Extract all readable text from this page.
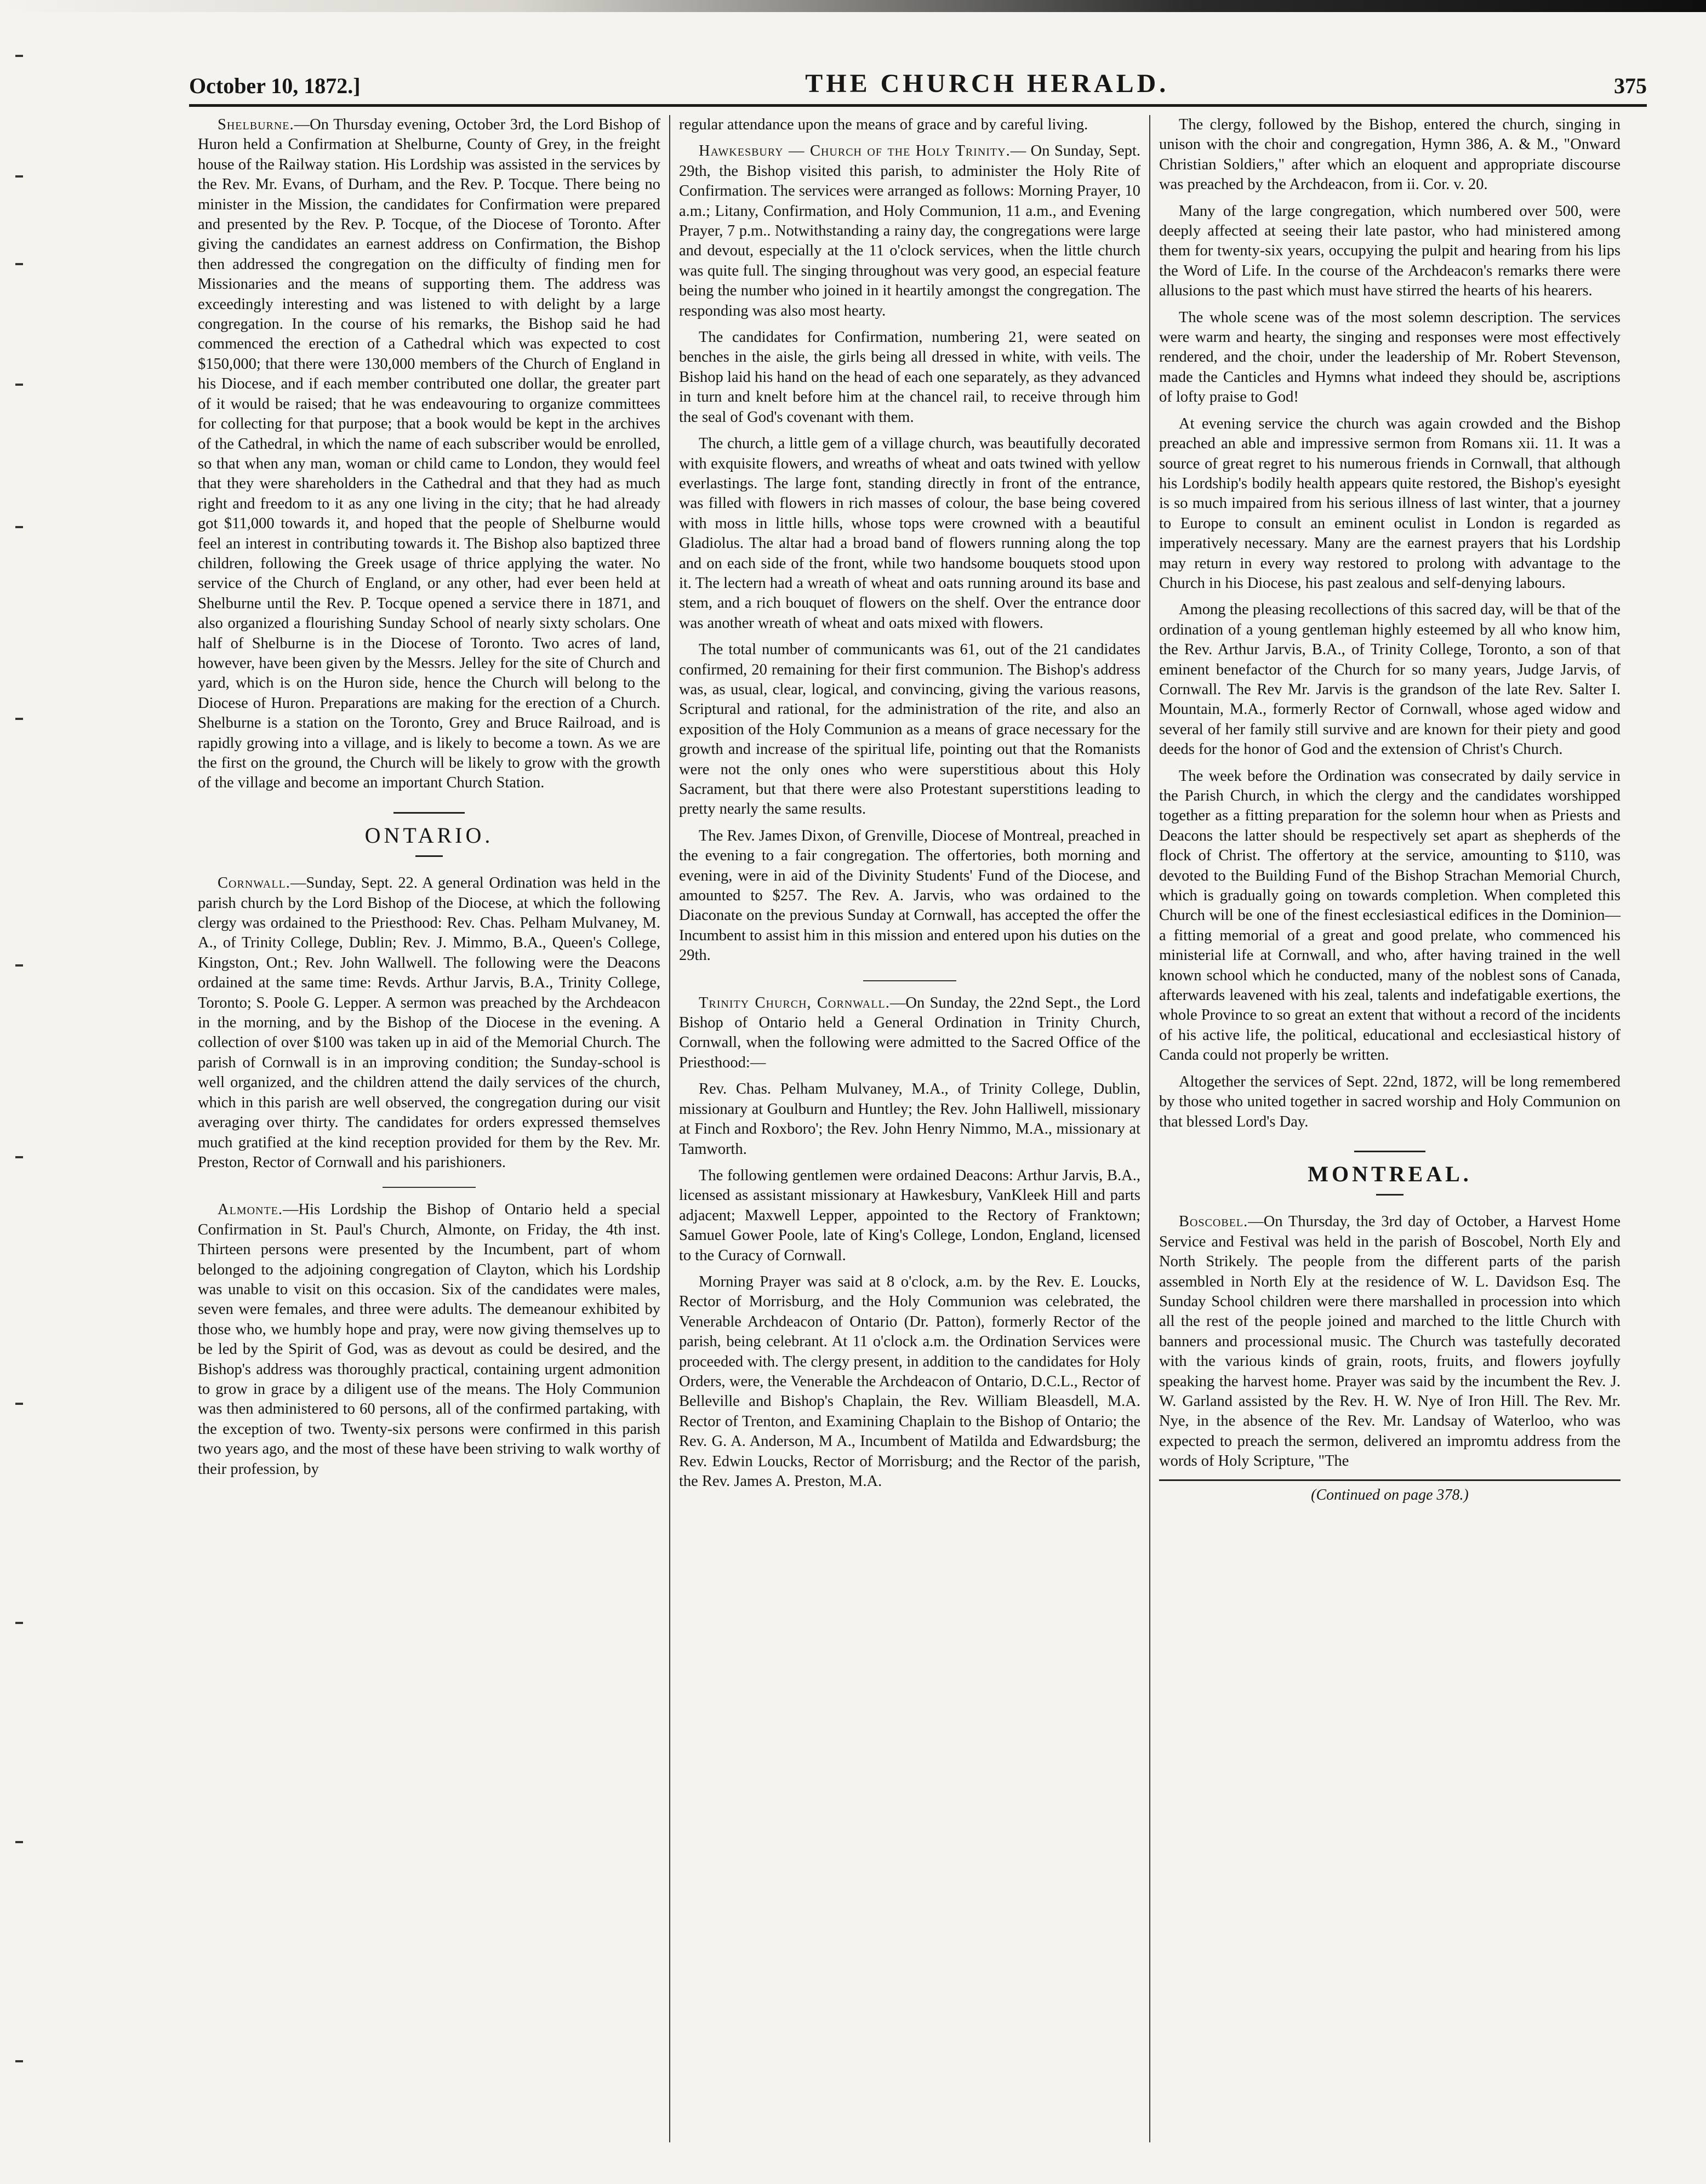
October 10, 1872.]	THE CHURCH HERALD.	375

Shelburne.—On Thursday evening, October 3rd, the Lord Bishop of Huron held a Confirmation at Shelburne, County of Grey, in the freight house of the Railway station. His Lordship was assisted in the services by the Rev. Mr. Evans, of Durham, and the Rev. P. Tocque. There being no minister in the Mission, the candidates for Confirmation were prepared and presented by the Rev. P. Tocque, of the Diocese of Toronto. After giving the candidates an earnest address on Confirmation, the Bishop then addressed the congregation on the difficulty of finding men for Missionaries and the means of supporting them. The address was exceedingly interesting and was listened to with delight by a large congregation. In the course of his remarks, the Bishop said he had commenced the erection of a Cathedral which was expected to cost $150,000; that there were 130,000 members of the Church of England in his Diocese, and if each member contributed one dollar, the greater part of it would be raised; that he was endeavouring to organize committees for collecting for that purpose; that a book would be kept in the archives of the Cathedral, in which the name of each subscriber would be enrolled, so that when any man, woman or child came to London, they would feel that they were shareholders in the Cathedral and that they had as much right and freedom to it as any one living in the city; that he had already got $11,000 towards it, and hoped that the people of Shelburne would feel an interest in contributing towards it. The Bishop also baptized three children, following the Greek usage of thrice applying the water. No service of the Church of England, or any other, had ever been held at Shelburne until the Rev. P. Tocque opened a service there in 1871, and also organized a flourishing Sunday School of nearly sixty scholars. One half of Shelburne is in the Diocese of Toronto. Two acres of land, however, have been given by the Messrs. Jelley for the site of Church and yard, which is on the Huron side, hence the Church will belong to the Diocese of Huron. Preparations are making for the erection of a Church. Shelburne is a station on the Toronto, Grey and Bruce Railroad, and is rapidly growing into a village, and is likely to become a town. As we are the first on the ground, the Church will be likely to grow with the growth of the village and become an important Church Station.

ONTARIO.

Cornwall.—Sunday, Sept. 22. A general Ordination was held in the parish church by the Lord Bishop of the Diocese, at which the following clergy was ordained to the Priesthood: Rev. Chas. Pelham Mulvaney, M. A., of Trinity College, Dublin; Rev. J. Mimmo, B.A., Queen's College, Kingston, Ont.; Rev. John Wallwell. The following were the Deacons ordained at the same time: Revds. Arthur Jarvis, B.A., Trinity College, Toronto; S. Poole G. Lepper. A sermon was preached by the Archdeacon in the morning, and by the Bishop of the Diocese in the evening. A collection of over $100 was taken up in aid of the Memorial Church. The parish of Cornwall is in an improving condition; the Sunday-school is well organized, and the children attend the daily services of the church, which in this parish are well observed, the congregation during our visit averaging over thirty. The candidates for orders expressed themselves much gratified at the kind reception provided for them by the Rev. Mr. Preston, Rector of Cornwall and his parishioners.

Almonte.—His Lordship the Bishop of Ontario held a special Confirmation in St. Paul's Church, Almonte, on Friday, the 4th inst. Thirteen persons were presented by the Incumbent, part of whom belonged to the adjoining congregation of Clayton, which his Lordship was unable to visit on this occasion. Six of the candidates were males, seven were females, and three were adults. The demeanour exhibited by those who, we humbly hope and pray, were now giving themselves up to be led by the Spirit of God, was as devout as could be desired, and the Bishop's address was thoroughly practical, containing urgent admonition to grow in grace by a diligent use of the means. The Holy Communion was then administered to 60 persons, all of the confirmed partaking, with the exception of two. Twenty-six persons were confirmed in this parish two years ago, and the most of these have been striving to walk worthy of their profession, by

regular attendance upon the means of grace and by careful living.

Hawkesbury — Church of the Holy Trinity.— On Sunday, Sept. 29th, the Bishop visited this parish, to administer the Holy Rite of Confirmation. The services were arranged as follows: Morning Prayer, 10 a.m.; Litany, Confirmation, and Holy Communion, 11 a.m., and Evening Prayer, 7 p.m.. Notwithstanding a rainy day, the congregations were large and devout, especially at the 11 o'clock services, when the little church was quite full. The singing throughout was very good, an especial feature being the number who joined in it heartily amongst the congregation. The responding was also most hearty.

The candidates for Confirmation, numbering 21, were seated on benches in the aisle, the girls being all dressed in white, with veils. The Bishop laid his hand on the head of each one separately, as they advanced in turn and knelt before him at the chancel rail, to receive through him the seal of God's covenant with them.

The church, a little gem of a village church, was beautifully decorated with exquisite flowers, and wreaths of wheat and oats twined with yellow everlastings. The large font, standing directly in front of the entrance, was filled with flowers in rich masses of colour, the base being covered with moss in little hills, whose tops were crowned with a beautiful Gladiolus. The altar had a broad band of flowers running along the top and on each side of the front, while two handsome bouquets stood upon it. The lectern had a wreath of wheat and oats running around its base and stem, and a rich bouquet of flowers on the shelf. Over the entrance door was another wreath of wheat and oats mixed with flowers.

The total number of communicants was 61, out of the 21 candidates confirmed, 20 remaining for their first communion. The Bishop's address was, as usual, clear, logical, and convincing, giving the various reasons, Scriptural and rational, for the administration of the rite, and also an exposition of the Holy Communion as a means of grace necessary for the growth and increase of the spiritual life, pointing out that the Romanists were not the only ones who were superstitious about this Holy Sacrament, but that there were also Protestant superstitions leading to pretty nearly the same results.

The Rev. James Dixon, of Grenville, Diocese of Montreal, preached in the evening to a fair congregation. The offertories, both morning and evening, were in aid of the Divinity Students' Fund of the Diocese, and amounted to $257. The Rev. A. Jarvis, who was ordained to the Diaconate on the previous Sunday at Cornwall, has accepted the offer the Incumbent to assist him in this mission and entered upon his duties on the 29th.

Trinity Church, Cornwall.—On Sunday, the 22nd Sept., the Lord Bishop of Ontario held a General Ordination in Trinity Church, Cornwall, when the following were admitted to the Sacred Office of the Priesthood:—

Rev. Chas. Pelham Mulvaney, M.A., of Trinity College, Dublin, missionary at Goulburn and Huntley; the Rev. John Halliwell, missionary at Finch and Roxboro'; the Rev. John Henry Nimmo, M.A., missionary at Tamworth.

The following gentlemen were ordained Deacons: Arthur Jarvis, B.A., licensed as assistant missionary at Hawkesbury, VanKleek Hill and parts adjacent; Maxwell Lepper, appointed to the Rectory of Franktown; Samuel Gower Poole, late of King's College, London, England, licensed to the Curacy of Cornwall.

Morning Prayer was said at 8 o'clock, a.m. by the Rev. E. Loucks, Rector of Morrisburg, and the Holy Communion was celebrated, the Venerable Archdeacon of Ontario (Dr. Patton), formerly Rector of the parish, being celebrant. At 11 o'clock a.m. the Ordination Services were proceeded with. The clergy present, in addition to the candidates for Holy Orders, were, the Venerable the Archdeacon of Ontario, D.C.L., Rector of Belleville and Bishop's Chaplain, the Rev. William Bleasdell, M.A. Rector of Trenton, and Examining Chaplain to the Bishop of Ontario; the Rev. G. A. Anderson, M A., Incumbent of Matilda and Edwardsburg; the Rev. Edwin Loucks, Rector of Morrisburg; and the Rector of the parish, the Rev. James A. Preston, M.A.

The clergy, followed by the Bishop, entered the church, singing in unison with the choir and congregation, Hymn 386, A. & M., "Onward Christian Soldiers," after which an eloquent and appropriate discourse was preached by the Archdeacon, from ii. Cor. v. 20.

Many of the large congregation, which numbered over 500, were deeply affected at seeing their late pastor, who had ministered among them for twenty-six years, occupying the pulpit and hearing from his lips the Word of Life. In the course of the Archdeacon's remarks there were allusions to the past which must have stirred the hearts of his hearers.

The whole scene was of the most solemn description. The services were warm and hearty, the singing and responses were most effectively rendered, and the choir, under the leadership of Mr. Robert Stevenson, made the Canticles and Hymns what indeed they should be, ascriptions of lofty praise to God!

At evening service the church was again crowded and the Bishop preached an able and impressive sermon from Romans xii. 11. It was a source of great regret to his numerous friends in Cornwall, that although his Lordship's bodily health appears quite restored, the Bishop's eyesight is so much impaired from his serious illness of last winter, that a journey to Europe to consult an eminent oculist in London is regarded as imperatively necessary. Many are the earnest prayers that his Lordship may return in every way restored to prolong with advantage to the Church in his Diocese, his past zealous and self-denying labours.

Among the pleasing recollections of this sacred day, will be that of the ordination of a young gentleman highly esteemed by all who know him, the Rev. Arthur Jarvis, B.A., of Trinity College, Toronto, a son of that eminent benefactor of the Church for so many years, Judge Jarvis, of Cornwall. The Rev Mr. Jarvis is the grandson of the late Rev. Salter I. Mountain, M.A., formerly Rector of Cornwall, whose aged widow and several of her family still survive and are known for their piety and good deeds for the honor of God and the extension of Christ's Church.

The week before the Ordination was consecrated by daily service in the Parish Church, in which the clergy and the candidates worshipped together as a fitting preparation for the solemn hour when as Priests and Deacons the latter should be respectively set apart as shepherds of the flock of Christ. The offertory at the service, amounting to $110, was devoted to the Building Fund of the Bishop Strachan Memorial Church, which is gradually going on towards completion. When completed this Church will be one of the finest ecclesiastical edifices in the Dominion—a fitting memorial of a great and good prelate, who commenced his ministerial life at Cornwall, and who, after having trained in the well known school which he conducted, many of the noblest sons of Canada, afterwards leavened with his zeal, talents and indefatigable exertions, the whole Province to so great an extent that without a record of the incidents of his active life, the political, educational and ecclesiastical history of Canda could not properly be written.

Altogether the services of Sept. 22nd, 1872, will be long remembered by those who united together in sacred worship and Holy Communion on that blessed Lord's Day.

MONTREAL.

Boscobel.—On Thursday, the 3rd day of October, a Harvest Home Service and Festival was held in the parish of Boscobel, North Ely and North Strikely. The people from the different parts of the parish assembled in North Ely at the residence of W. L. Davidson Esq. The Sunday School children were there marshalled in procession into which all the rest of the people joined and marched to the little Church with banners and processional music. The Church was tastefully decorated with the various kinds of grain, roots, fruits, and flowers joyfully speaking the harvest home. Prayer was said by the incumbent the Rev. J. W. Garland assisted by the Rev. H. W. Nye of Iron Hill. The Rev. Mr. Nye, in the absence of the Rev. Mr. Landsay of Waterloo, who was expected to preach the sermon, delivered an impromtu address from the words of Holy Scripture, "The

(Continued on page 378.)
